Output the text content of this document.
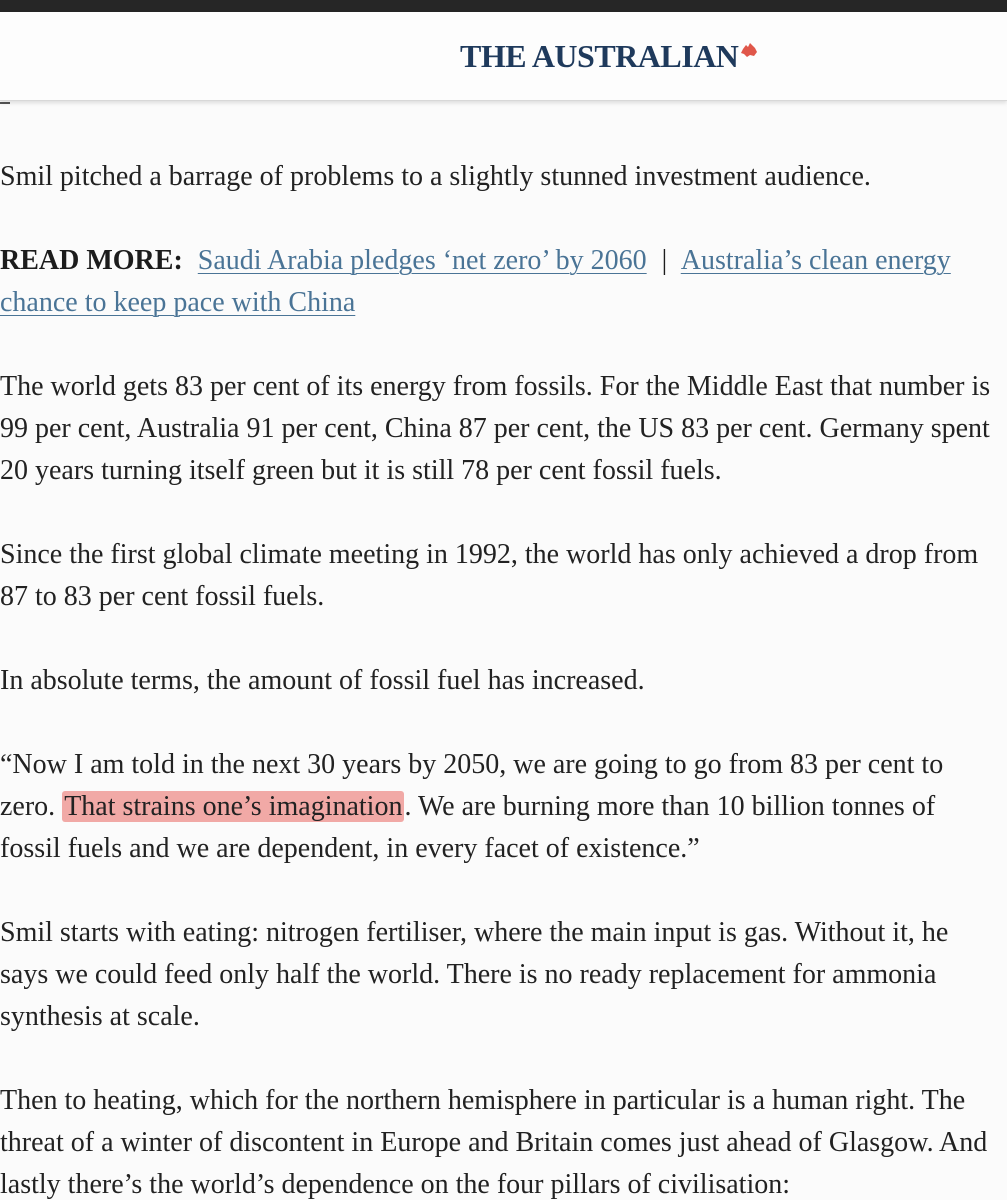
THE AUSTRALIAN

Smil pitched a barrage of problems to a slightly stunned investment audience.

READ MORE: Saudi Arabia pledges ‘net zero’ by 2060 | Australia’s clean energy chance to keep pace with China

The world gets 83 per cent of its energy from fossils. For the Middle East that number is 99 per cent, Australia 91 per cent, China 87 per cent, the US 83 per cent. Germany spent 20 years turning itself green but it is still 78 per cent fossil fuels.

Since the first global climate meeting in 1992, the world has only achieved a drop from 87 to 83 per cent fossil fuels.

In absolute terms, the amount of fossil fuel has increased.

“Now I am told in the next 30 years by 2050, we are going to go from 83 per cent to zero. That strains one’s imagination. We are burning more than 10 billion tonnes of fossil fuels and we are dependent, in every facet of existence.”

Smil starts with eating: nitrogen fertiliser, where the main input is gas. Without it, he says we could feed only half the world. There is no ready replacement for ammonia synthesis at scale.

Then to heating, which for the northern hemisphere in particular is a human right. The threat of a winter of discontent in Europe and Britain comes just ahead of Glasgow. And lastly there’s the world’s dependence on the four pillars of civilisation:
